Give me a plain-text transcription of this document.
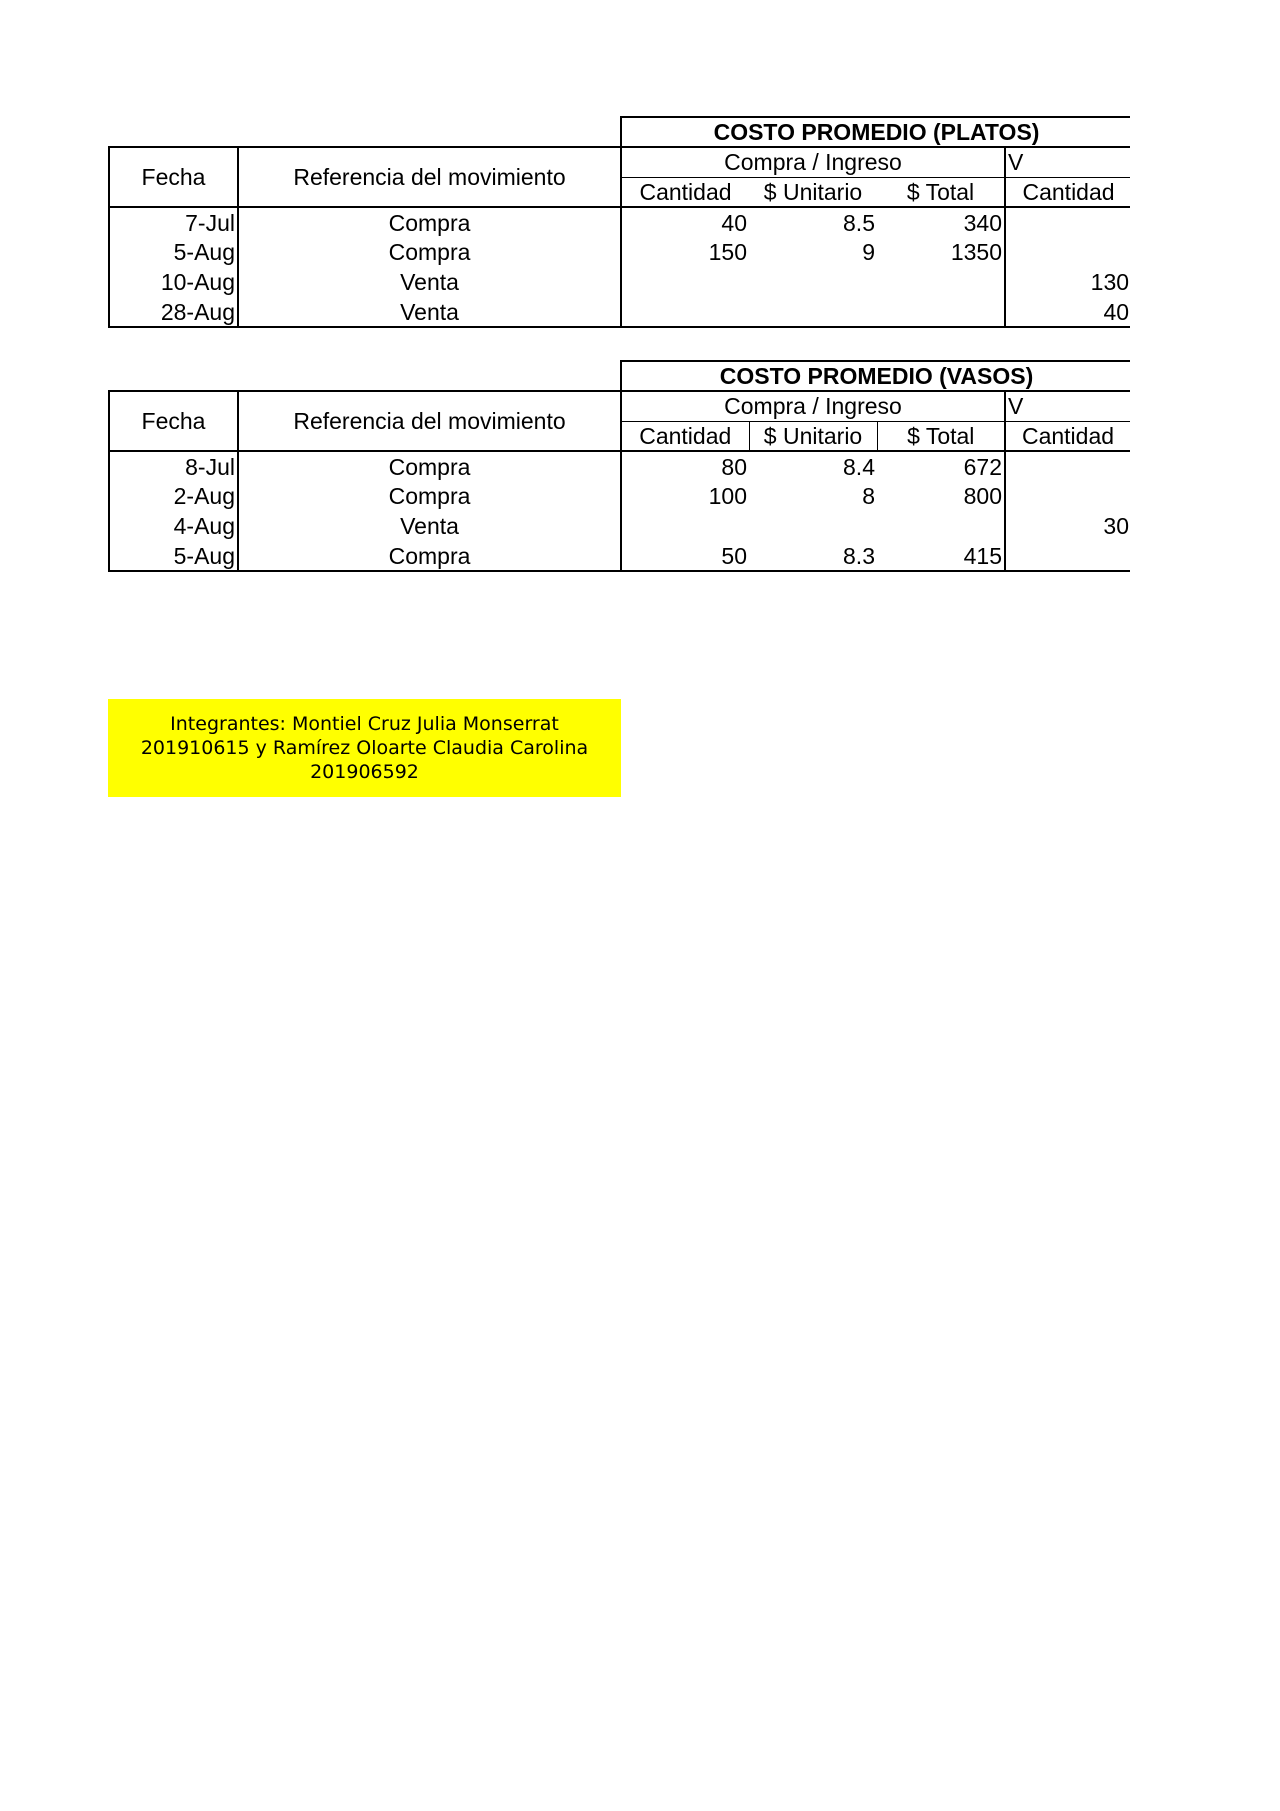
		COSTO PROMEDIO (PLATOS)			
Fecha	Referencia del movimiento	Compra / Ingreso			V
		Cantidad	$ Unitario	$ Total	Cantidad
7-Jul	Compra	40	8.5	340	
5-Aug	Compra	150	9	1350	
10-Aug	Venta				130
28-Aug	Venta				40
		COSTO PROMEDIO (VASOS)			
Fecha	Referencia del movimiento	Compra / Ingreso			V
		Cantidad	$ Unitario	$ Total	Cantidad
8-Jul	Compra	80	8.4	672	
2-Aug	Compra	100	8	800	
4-Aug	Venta				30
5-Aug	Compra	50	8.3	415	
Integrantes: Montiel Cruz Julia Monserrat 201910615 y Ramírez Oloarte Claudia Carolina 201906592
